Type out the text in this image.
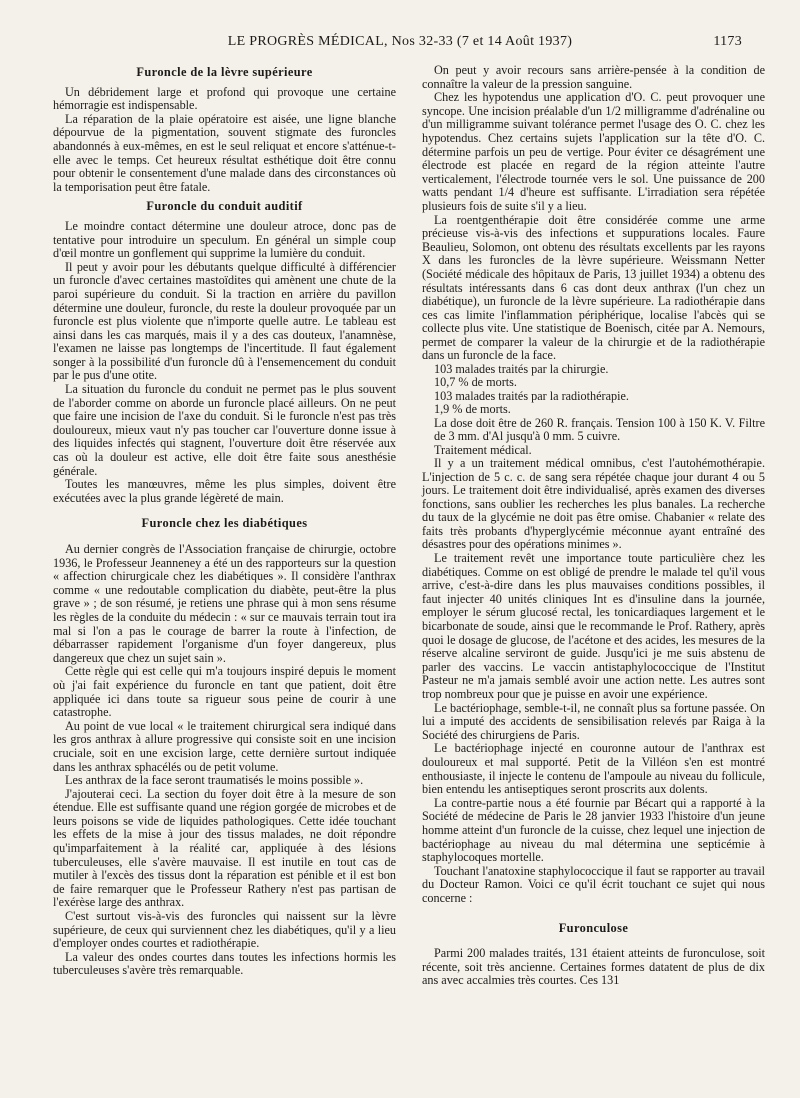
LE PROGRÈS MÉDICAL, Nos 32-33 (7 et 14 Août 1937)	1173
Furoncle de la lèvre supérieure

Un débridement large et profond qui provoque une certaine hémorragie est indispensable.

La réparation de la plaie opératoire est aisée, une ligne blanche dépourvue de la pigmentation, souvent stigmate des furoncles abandonnés à eux-mêmes, en est le seul reliquat et encore s'atténue-t-elle avec le temps. Cet heureux résultat esthétique doit être connu pour obtenir le consentement d'une malade dans des circonstances où la temporisation peut être fatale.

Furoncle du conduit auditif

Le moindre contact détermine une douleur atroce, donc pas de tentative pour introduire un speculum. En général un simple coup d'œil montre un gonflement qui supprime la lumière du conduit.

Il peut y avoir pour les débutants quelque difficulté à différencier un furoncle d'avec certaines mastoïdites qui amènent une chute de la paroi supérieure du conduit. Si la traction en arrière du pavillon détermine une douleur, furoncle, du reste la douleur provoquée par un furoncle est plus violente que n'importe quelle autre. Le tableau est ainsi dans les cas marqués, mais il y a des cas douteux, l'anamnèse, l'examen ne laisse pas longtemps de l'incertitude. Il faut également songer à la possibilité d'un furoncle dû à l'ensemencement du conduit par le pus d'une otite.

La situation du furoncle du conduit ne permet pas le plus souvent de l'aborder comme on aborde un furoncle placé ailleurs. On ne peut que faire une incision de l'axe du conduit. Si le furoncle n'est pas très douloureux, mieux vaut n'y pas toucher car l'ouverture donne issue à des liquides infectés qui stagnent, l'ouverture doit être réservée aux cas où la douleur est active, elle doit être faite sous anesthésie générale.

Toutes les manœuvres, même les plus simples, doivent être exécutées avec la plus grande légèreté de main.

Furoncle chez les diabétiques

Au dernier congrès de l'Association française de chirurgie, octobre 1936, le Professeur Jeanneney a été un des rapporteurs sur la question « affection chirurgicale chez les diabétiques ». Il considère l'anthrax comme « une redoutable complication du diabète, peut-être la plus grave » ; de son résumé, je retiens une phrase qui à mon sens résume les règles de la conduite du médecin : « sur ce mauvais terrain tout ira mal si l'on a pas le courage de barrer la route à l'infection, de débarrasser rapidement l'organisme d'un foyer dangereux, plus dangereux que chez un sujet sain ».

Cette règle qui est celle qui m'a toujours inspiré depuis le moment où j'ai fait expérience du furoncle en tant que patient, doit être appliquée ici dans toute sa rigueur sous peine de courir à une catastrophe.

Au point de vue local « le traitement chirurgical sera indiqué dans les gros anthrax à allure progressive qui consiste soit en une incision cruciale, soit en une excision large, cette dernière surtout indiquée dans les anthrax sphacélés ou de petit volume.

Les anthrax de la face seront traumatisés le moins possible ».

J'ajouterai ceci. La section du foyer doit être à la mesure de son étendue. Elle est suffisante quand une région gorgée de microbes et de leurs poisons se vide de liquides pathologiques. Cette idée touchant les effets de la mise à jour des tissus malades, ne doit répondre qu'imparfaitement à la réalité car, appliquée à des lésions tuberculeuses, elle s'avère mauvaise. Il est inutile en tout cas de mutiler à l'excès des tissus dont la réparation est pénible et il est bon de faire remarquer que le Professeur Rathery n'est pas partisan de l'exérèse large des anthrax.

C'est surtout vis-à-vis des furoncles qui naissent sur la lèvre supérieure, de ceux qui surviennent chez les diabétiques, qu'il y a lieu d'employer ondes courtes et radiothérapie.

La valeur des ondes courtes dans toutes les infections hormis les tuberculeuses s'avère très remarquable.

On peut y avoir recours sans arrière-pensée à la condition de connaître la valeur de la pression sanguine.

Chez les hypotendus une application d'O. C. peut provoquer une syncope. Une incision préalable d'un 1/2 milligramme d'adrénaline ou d'un milligramme suivant tolérance permet l'usage des O. C. chez les hypotendus. Chez certains sujets l'application sur la tête d'O. C. détermine parfois un peu de vertige. Pour éviter ce désagrément une électrode est placée en regard de la région atteinte l'autre verticalement, l'électrode tournée vers le sol. Une puissance de 200 watts pendant 1/4 d'heure est suffisante. L'irradiation sera répétée plusieurs fois de suite s'il y a lieu.

La roentgenthérapie doit être considérée comme une arme précieuse vis-à-vis des infections et suppurations locales. Faure Beaulieu, Solomon, ont obtenu des résultats excellents par les rayons X dans les furoncles de la lèvre supérieure. Weissmann Netter (Société médicale des hôpitaux de Paris, 13 juillet 1934) a obtenu des résultats intéressants dans 6 cas dont deux anthrax (l'un chez un diabétique), un furoncle de la lèvre supérieure. La radiothérapie dans ces cas limite l'inflammation périphérique, localise l'abcès qui se collecte plus vite. Une statistique de Boenisch, citée par A. Nemours, permet de comparer la valeur de la chirurgie et de la radiothérapie dans un furoncle de la face.

103 malades traités par la chirurgie.

10,7 % de morts.

103 malades traités par la radiothérapie.

1,9 % de morts.

La dose doit être de 260 R. français. Tension 100 à 150 K. V. Filtre de 3 mm. d'Al jusqu'à 0 mm. 5 cuivre.

Traitement médical.

Il y a un traitement médical omnibus, c'est l'autohémothérapie. L'injection de 5 c. c. de sang sera répétée chaque jour durant 4 ou 5 jours. Le traitement doit être individualisé, après examen des diverses fonctions, sans oublier les recherches les plus banales. La recherche du taux de la glycémie ne doit pas être omise. Chabanier « relate des faits très probants d'hyperglycémie méconnue ayant entraîné des désastres pour des opérations minimes ».

Le traitement revêt une importance toute particulière chez les diabétiques. Comme on est obligé de prendre le malade tel qu'il vous arrive, c'est-à-dire dans les plus mauvaises conditions possibles, il faut injecter 40 unités cliniques Int es d'insuline dans la journée, employer le sérum glucosé rectal, les tonicardiaques largement et le bicarbonate de soude, ainsi que le recommande le Prof. Rathery, après quoi le dosage de glucose, de l'acétone et des acides, les mesures de la réserve alcaline serviront de guide. Jusqu'ici je me suis abstenu de parler des vaccins. Le vaccin antistaphylococcique de l'Institut Pasteur ne m'a jamais semblé avoir une action nette. Les autres sont trop nombreux pour que je puisse en avoir une expérience.

Le bactériophage, semble-t-il, ne connaît plus sa fortune passée. On lui a imputé des accidents de sensibilisation relevés par Raiga à la Société des chirurgiens de Paris.

Le bactériophage injecté en couronne autour de l'anthrax est douloureux et mal supporté. Petit de la Villéon s'en est montré enthousiaste, il injecte le contenu de l'ampoule au niveau du follicule, bien entendu les antiseptiques seront proscrits aux dolents.

La contre-partie nous a été fournie par Bécart qui a rapporté à la Société de médecine de Paris le 28 janvier 1933 l'histoire d'un jeune homme atteint d'un furoncle de la cuisse, chez lequel une injection de bactériophage au niveau du mal détermina une septicémie à staphylocoques mortelle.

Touchant l'anatoxine staphylococcique il faut se rapporter au travail du Docteur Ramon. Voici ce qu'il écrit touchant ce sujet qui nous concerne :

Furonculose

Parmi 200 malades traités, 131 étaient atteints de furonculose, soit récente, soit très ancienne. Certaines formes datatent de plus de dix ans avec accalmies très courtes. Ces 131
